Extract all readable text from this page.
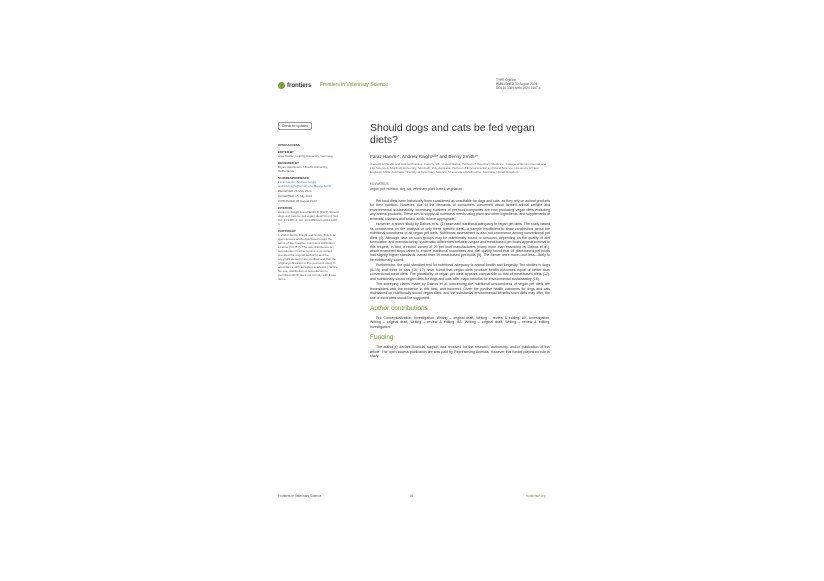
frontiers Frontiers in Veterinary Science
TYPE Opinion
PUBLISHED 30 August 2024
DOI 10.3389/fvets.2024.1487-4
Check for updates
OPEN ACCESS
EDITED BY
Anja Fielder, Leipzig University, Germany
REVIEWED BY
Bryan Hutchinson, Utrecht University, Netherlands
*CORRESPONDENCE
Faraz Hanim, Andrew Knight, andrew.knight@email.edu, Benny Smith
RECEIVED 29 May 2024
ACCEPTED 15 July 2024
PUBLISHED 30 August 2024
CITATION
Hanim F, Knight A and Smith B (2024) Should dogs and cats be fed vegan diets? Front. Vet. Sci. 11:1487-4. doi: 10.3389/fvets.2024.1487-4
COPYRIGHT
© 2024 Hanim, Knight and Smith. This is an open-access article distributed under the terms of the Creative Commons Attribution License (CC BY). The use, distribution or reproduction in other forums is permitted, provided the original author(s) and the copyright owner(s) are credited and that the original publication in this journal is cited, in accordance with accepted academic practice. No use, distribution or reproduction is permitted which does not comply with these terms.
Should dogs and cats be fed vegan diets?
Faraz Hanim¹*, Andrew Knight¹²³* and Benny Smith¹*
¹Faculty of Health and Animal Practice, Faculty, UK, United States, ²School of Veterinary Medicine, College of Environmental and Life Sciences, Murdoch University, Murdoch, WA, Australia, ³School of Environmental and Rural Science, University of New England, NSW, Australia, ⁴Faculty of Veterinary Science, University of Melbourne, Australia, United Kingdom
KEYWORDS
vegan, pet, nutrition, dog, cat, veterinary, plant-based, vegetarian

Pet food diets have historically been considered as unsuitable for dogs and cats, as they rely on animal products for their nutrition. However, due to the demands of consumers concerned about farmed animal welfare and environmental sustainability, increasing numbers of pet food companies are now producing vegan diets excluding any animal products. These aim to supply all nutritional needs using plant and other ingredients, and supplements of minerals, vitamins and amino acids, where appropriate.

However, a recent study by Dainos et al. (1) assessed nutritional adequacy in vegan pet diets. The study based its conclusions on the analysis of only three specific diets—a sample insufficient to draw conclusions about the nutritional soundness of all vegan pet diets. Nutritional assessment is also not uncommon among conventional pet diets (4). Although data on such groups may be nutritionally sound or unsound, depending on the quality of diet formulation and manufacturing, systematic differences between vegan and meat-based pet foods appear minimal in this respect. In fact, a recent survey of 29 pet food manufacturers (many more than examined by Dainos et al.), which examined steps taken to ensure nutritional soundness and diet quality found that 18 plant-based pet foods had slightly higher standards overall than 19 meat-based pet foods (5). The former were more—not less—likely to be nutritionally sound.

Furthermore, the gold standard test for nutritional adequacy is animal health and longevity. Ten studies in dogs (6–15) and three in cats (16, 17) have found that vegan diets produce health outcomes equal or better than conventional meat diets. The plausibility of vegan pet diets appears comparable to that of meat-based diets (17), and nutritionally sound vegan diets for dogs and cats offer major benefits for environmental sustainability (18).

The sweeping claims made by Dainos et al. concerning the nutritional unsoundness of vegan pet diets are inconsistent with the evidence in this field, and incorrect. Given the positive health outcomes for dogs and cats maintained on nutritionally sound vegan diets, and the substantial environmental benefits such diets may offer, the use of such diets should be supported.

Author contributions

FH: Conceptualization, Investigation, Writing – original draft, Writing – review & editing. AK: Investigation, Writing – original draft, Writing – review & editing. BS: Writing – original draft, Writing – review & editing, Investigation.

Funding

The author(s) declare financial support was received for the research, authorship, and/or publication of this article. The open access publication fee was paid by Representing Animals. However this funder played no role in study

Frontiers in Veterinary Science	01	frontiersin.org
